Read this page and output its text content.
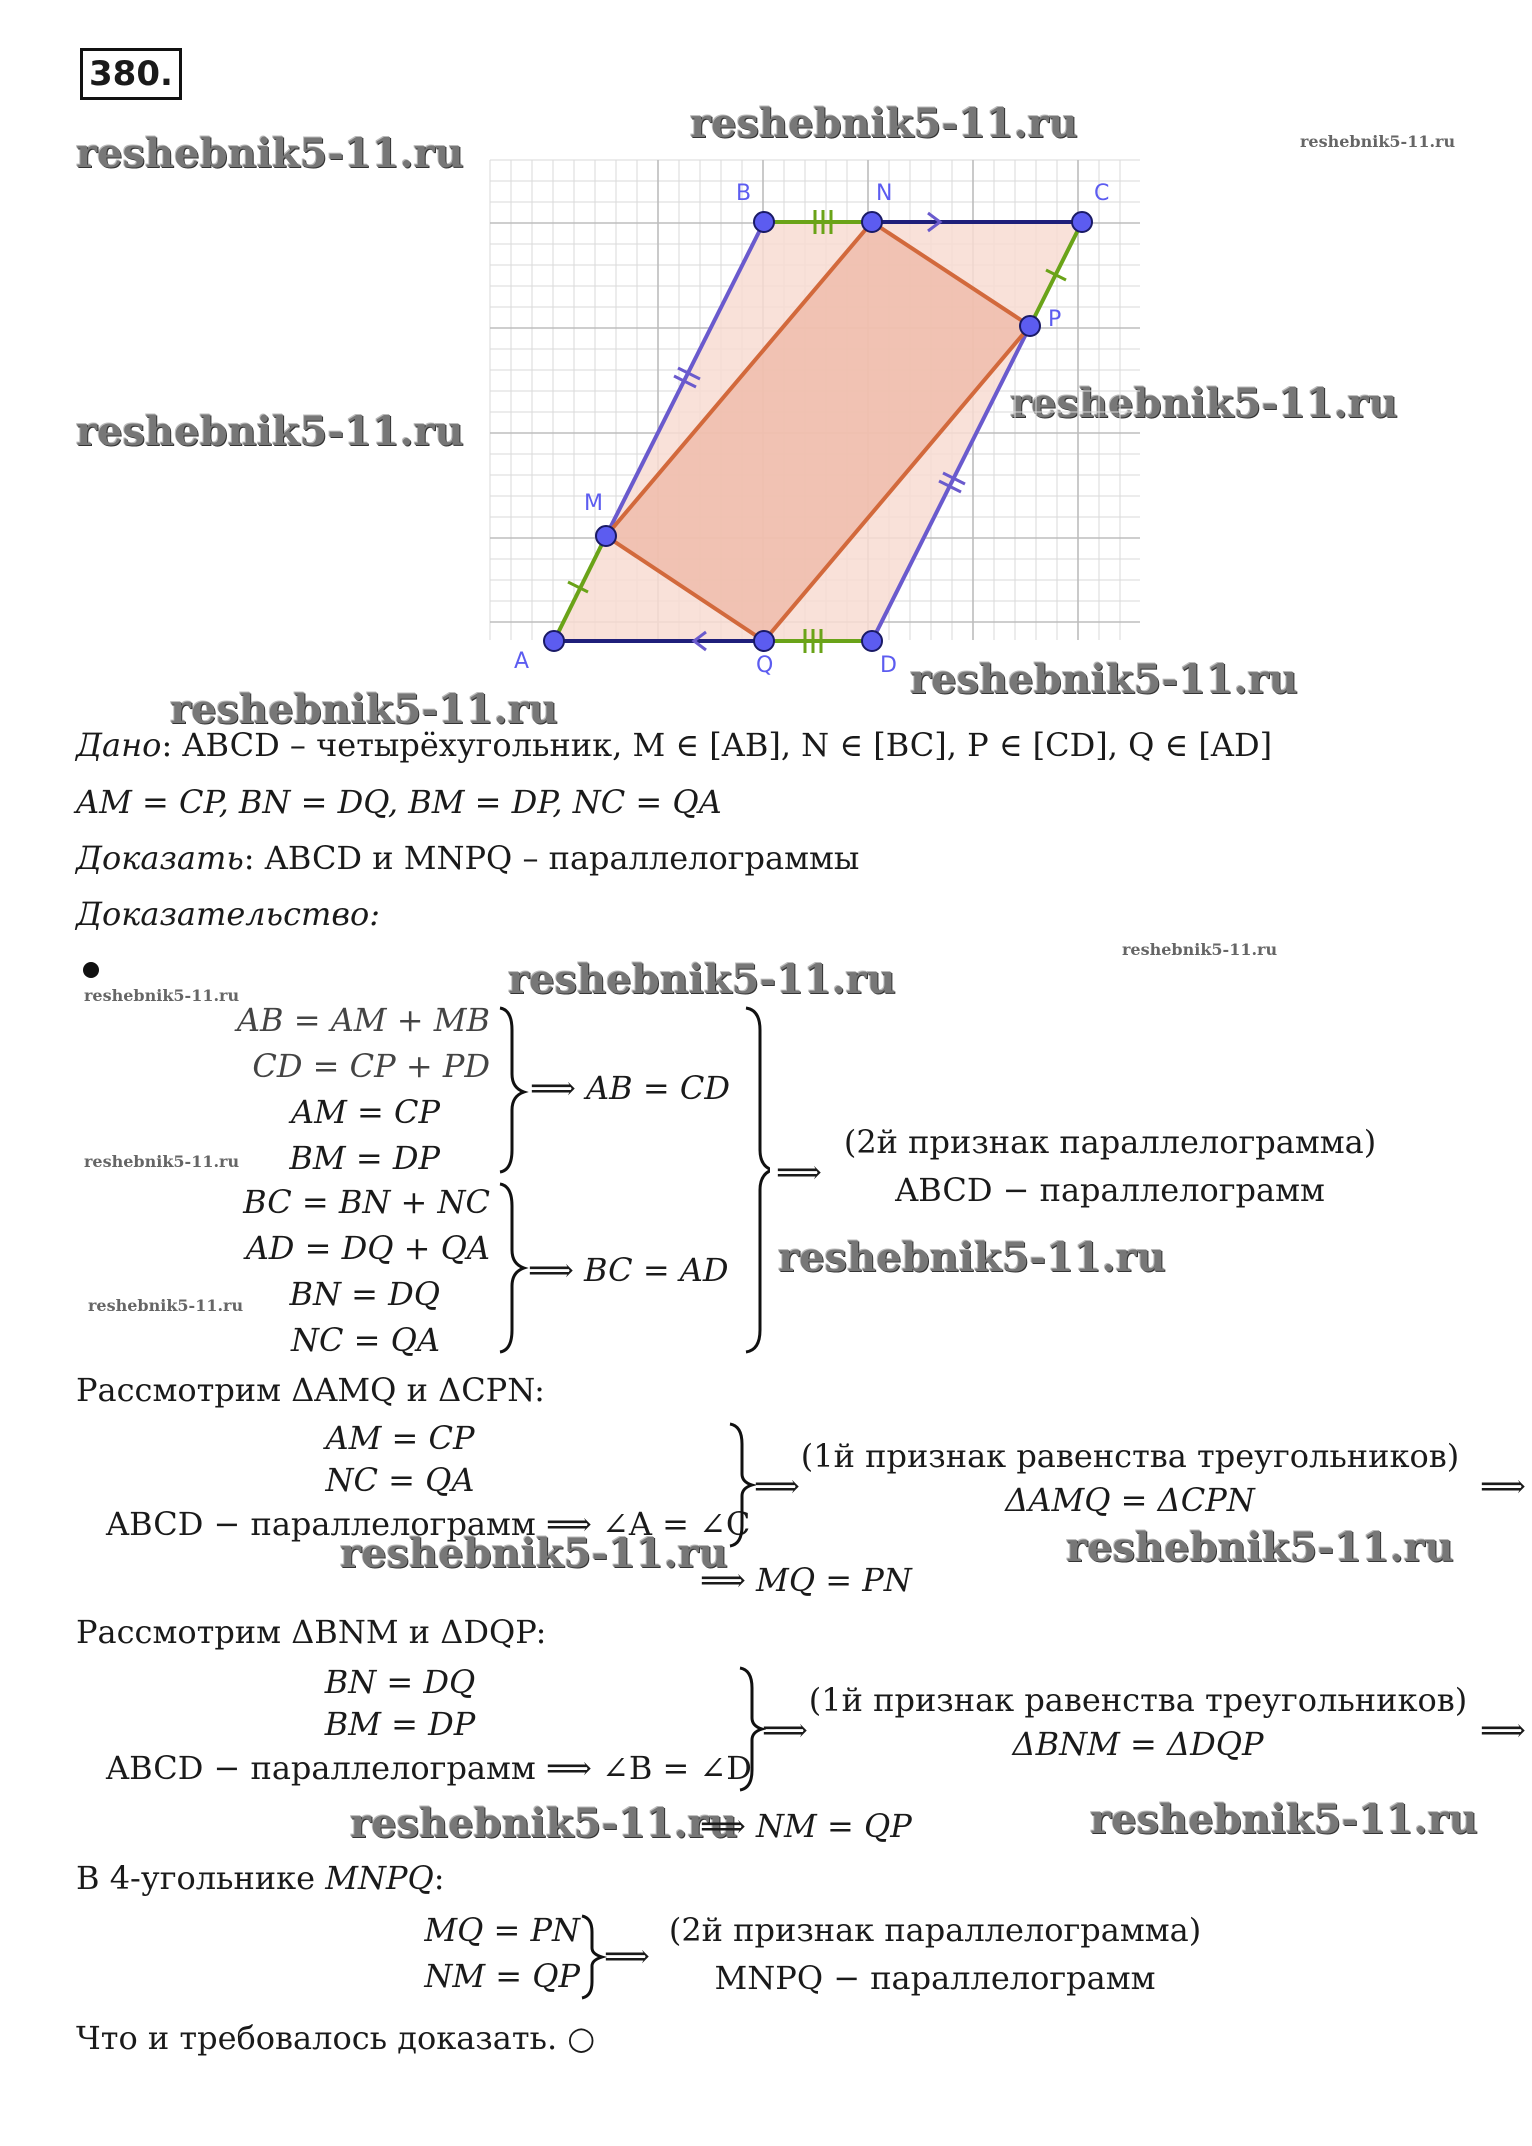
380.
reshebnik5-11.ru
reshebnik5-11.ru	reshebnik5-11.ru
reshebnik5-11.ru
reshebnik5-11.ru
reshebnik5-11.ru
reshebnik5-11.ru
A
B	C
D
M
N
P
Q
Дано: ABCD – четырёхугольник, M ∈ [AB], N ∈ [BC], P ∈ [CD], Q ∈ [AD]
AM = CP, BN = DQ, BM = DP, NC = QA
Доказать: ABCD и MNPQ – параллелограммы
Доказательство:
reshebnik5-11.ru	reshebnik5-11.ru
reshebnik5-11.ru
AB = AM + MB
CD = CP + PD
AM = CP
BM = DP
reshebnik5-11.ru
⟹ AB = CD
BC = BN + NC
AD = DQ + QA
BN = DQ
NC = QA
reshebnik5-11.ru
⟹ BC = AD
⟹
(2й признак параллелограмма)
ABCD − параллелограмм
reshebnik5-11.ru
Рассмотрим ΔAMQ и ΔCPN:
AM = CP
NC = QA
ABCD − параллелограмм ⟹ ∠A = ∠C
⟹
(1й признак равенства треугольников)
ΔAMQ = ΔCPN	⟹
reshebnik5-11.ru	reshebnik5-11.ru
⟹ MQ = PN
Рассмотрим ΔBNM и ΔDQP:
BN = DQ
BM = DP
ABCD − параллелограмм ⟹ ∠B = ∠D
⟹
(1й признак равенства треугольников)
ΔBNM = ΔDQP	⟹
reshebnik5-11.ru	reshebnik5-11.ru
⟹ NM = QP
В 4-угольнике MNPQ:
MQ = PN
NM = QP
⟹
(2й признак параллелограмма)
MNPQ − параллелограмм
Что и требовалось доказать. ○
